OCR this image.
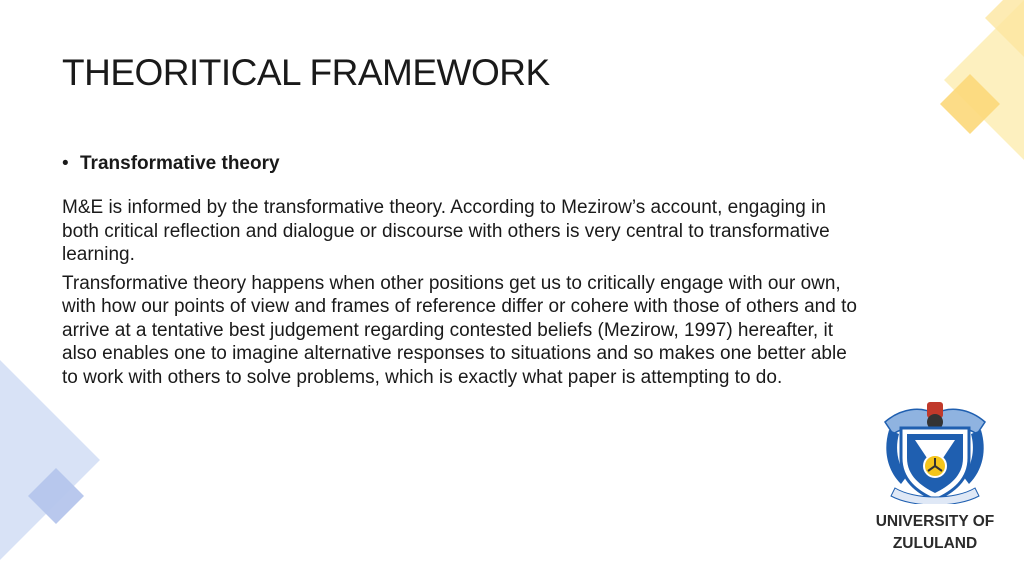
THEORITICAL FRAMEWORK
• Transformative theory

M&E is informed by the transformative theory. According to Mezirow’s account, engaging in both critical reflection and dialogue or discourse with others is very central to transformative learning.

Transformative theory happens when other positions get us to critically engage with our own, with how our points of view and frames of reference differ or cohere with those of others and to arrive at a tentative best judgement regarding contested beliefs (Mezirow, 1997) hereafter, it also enables one to imagine alternative responses to situations and so makes one better able to work with others to solve problems, which is exactly what paper is attempting to do.

UNIVERSITY OF
ZULULAND
